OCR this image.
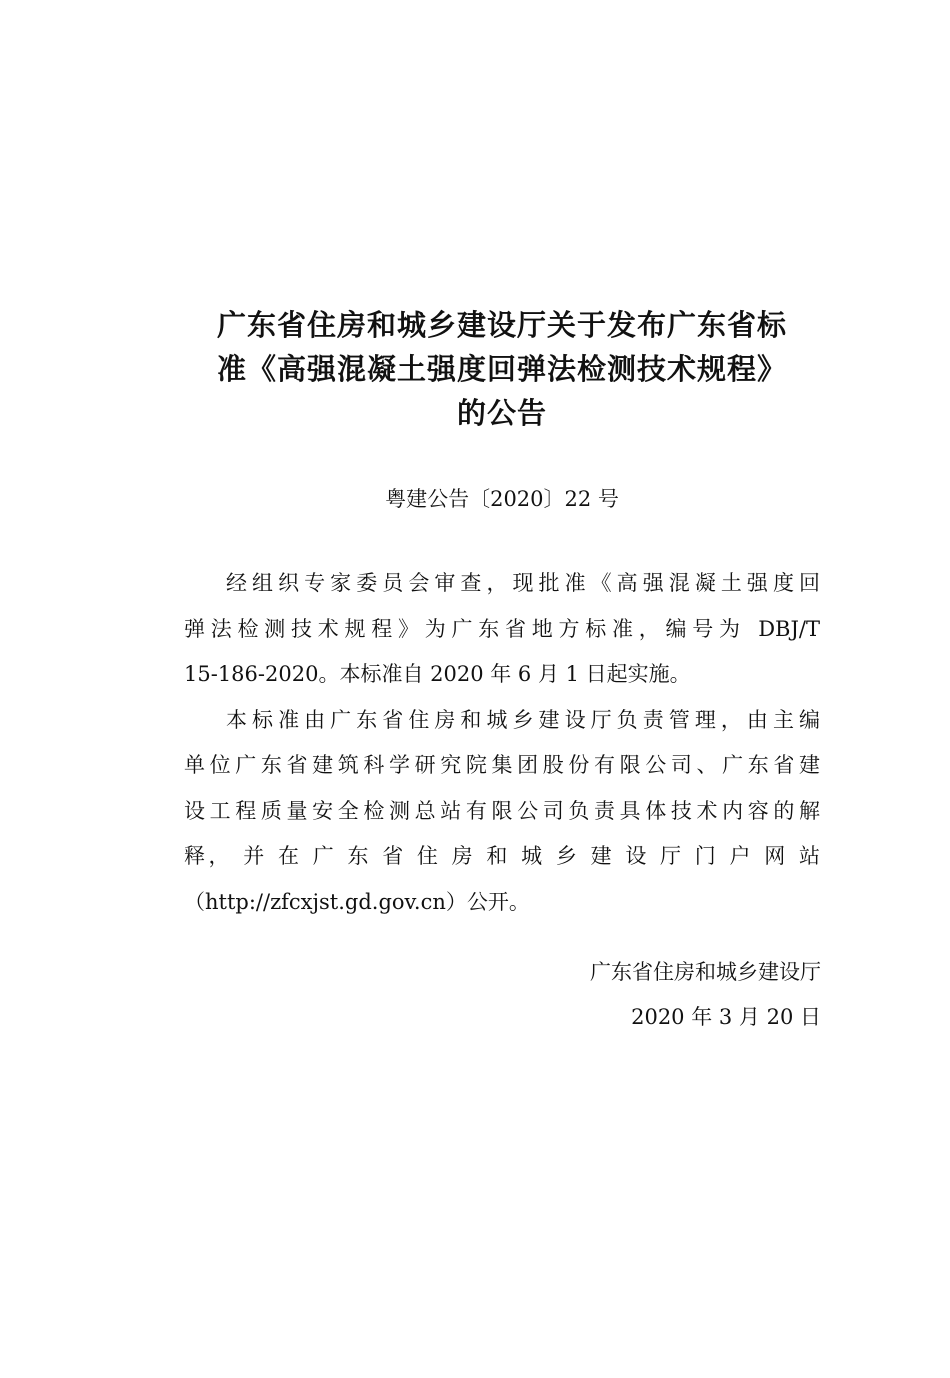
广东省住房和城乡建设厅关于发布广东省标
准《高强混凝土强度回弹法检测技术规程》
的公告
粤建公告〔2020〕22 号

经组织专家委员会审查，现批准《高强混凝土强度回
弹法检测技术规程》为广东省地方标准，编号为 DBJ/T
15-186-2020。本标准自 2020 年 6 月 1 日起实施。

本标准由广东省住房和城乡建设厅负责管理，由主编
单位广东省建筑科学研究院集团股份有限公司、广东省建
设工程质量安全检测总站有限公司负责具体技术内容的解
释， 并 在 广 东 省 住 房 和 城 乡 建 设 厅 门 户 网 站
（http://zfcxjst.gd.gov.cn）公开。

广东省住房和城乡建设厅
2020 年 3 月 20 日
